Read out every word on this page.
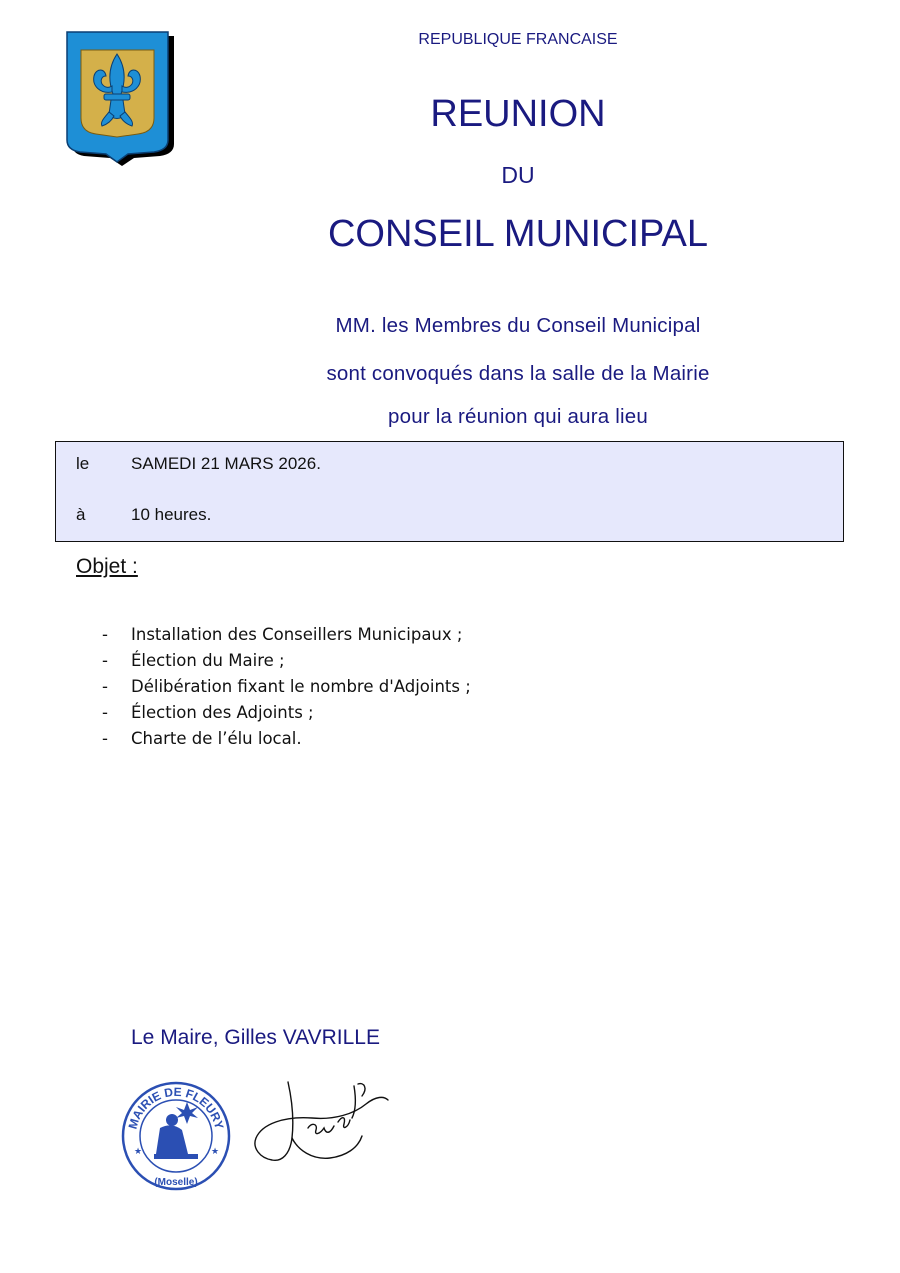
REPUBLIQUE FRANCAISE
REUNION
DU
CONSEIL MUNICIPAL
MM. les Membres du Conseil Municipal
sont convoqués dans la salle de la Mairie
pour la réunion qui aura lieu
le SAMEDI 21 MARS 2026.
à	10 heures.
Objet :
- Installation des Conseillers Municipaux ;
- Élection du Maire ;
- Délibération fixant le nombre d'Adjoints ;
- Élection des Adjoints ;
- Charte de l’élu local.
Le Maire, Gilles VAVRILLE
MAIRIE DE FLEURY
(Moselle)
★	★
